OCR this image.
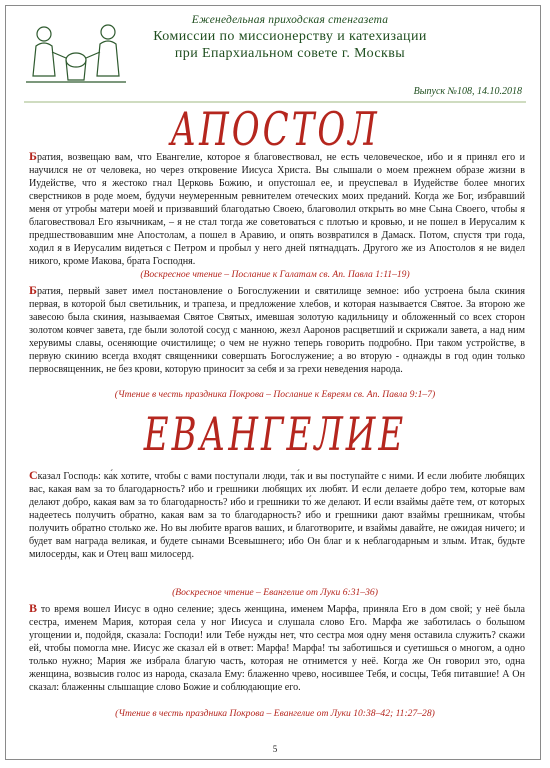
Еженедельная приходская стенгазета
Комиссии по миссионерству и катехизации
при Епархиальном совете г. Москвы
Выпуск №108, 14.10.2018
АПОСТОЛ
Братия, возвещаю вам, что Евангелие, которое я благовествовал, не есть человеческое, ибо и я принял его и научился не от человека, но через откровение Иисуса Христа. Вы слышали о моем прежнем образе жизни в Иудействе, что я жестоко гнал Церковь Божию, и опустошал ее, и преуспевал в Иудействе более многих сверстников в роде моем, будучи неумеренным ревнителем отеческих моих преданий. Когда же Бог, избравший меня от утробы матери моей и призвавший благодатью Своею, благоволил открыть во мне Сына Своего, чтобы я благовествовал Его язычникам, – я не стал тогда же советоваться с плотью и кровью, и не пошел в Иерусалим к предшествовавшим мне Апостолам, а пошел в Аравию, и опять возвратился в Дамаск. Потом, спустя три года, ходил я в Иерусалим видеться с Петром и пробыл у него дней пятнадцать. Другого же из Апостолов я не видел никого, кроме Иакова, брата Господня.
(Воскресное чтение – Послание к Галатам св. Ап. Павла 1:11–19)
Братия, первый завет имел постановление о Богослужении и святилище земное: ибо устроена была скиния первая, в которой был светильник, и трапеза, и предложение хлебов, и которая называется Святое. За второю же завесою была скиния, называемая Святое Святых, имевшая золотую кадильницу и обложенный со всех сторон золотом ковчег завета, где были золотой сосуд с манною, жезл Ааронов расцветший и скрижали завета, а над ним херувимы славы, осеняющие очистилище; о чем не нужно теперь говорить подробно. При таком устройстве, в первую скинию всегда входят священники совершать Богослужение; а во вторую - однажды в год один только первосвященник, не без крови, которую приносит за себя и за грехи неведения народа.
(Чтение в честь праздника Покрова – Послание к Евреям св. Ап. Павла 9:1–7)
ЕВАНГЕЛИЕ
Сказал Господь: ка́к хотите, чтобы с вами поступали люди, та́к и вы поступайте с ними. И если любите любящих вас, какая вам за то благодарность? ибо и грешники любящих их любят. И если делаете добро тем, которые вам делают добро, какая вам за то благодарность? ибо и грешники то́ же делают. И если взаймы даёте тем, от которых надеетесь получить обратно, какая вам за то благодарность? ибо и грешники дают взаймы грешникам, чтобы получить обратно столько же. Но вы любите врагов ваших, и благотворите, и взаймы давайте, не ожидая ничего; и будет вам награда великая, и будете сынами Всевышнего; ибо Он благ и к неблагодарным и злым. Итак, будьте милосерды, как и Отец ваш милосерд.
(Воскресное чтение – Евангелие от Луки 6:31–36)
В то время вошел Иисус в одно селение; здесь женщина, именем Марфа, приняла Его в дом свой; у неё была сестра, именем Мария, которая села у ног Иисуса и слушала слово Его. Марфа же заботилась о большом угощении и, подойдя, сказала: Господи! или Тебе нужды нет, что сестра моя одну меня оставила служить? скажи ей, чтобы помогла мне. Иисус же сказал ей в ответ: Марфа! Марфа! ты заботишься и суетишься о многом, а одно только нужно; Мария же избрала благую часть, которая не отнимется у неё. Когда же Он говорил это, одна женщина, возвысив голос из народа, сказала Ему: блаженно чрево, носившее Тебя, и сосцы, Тебя питавшие! А Он сказал: блаженны слышащие слово Божие и соблюдающие его.
(Чтение в честь праздника Покрова – Евангелие от Луки 10:38–42; 11:27–28)
5
